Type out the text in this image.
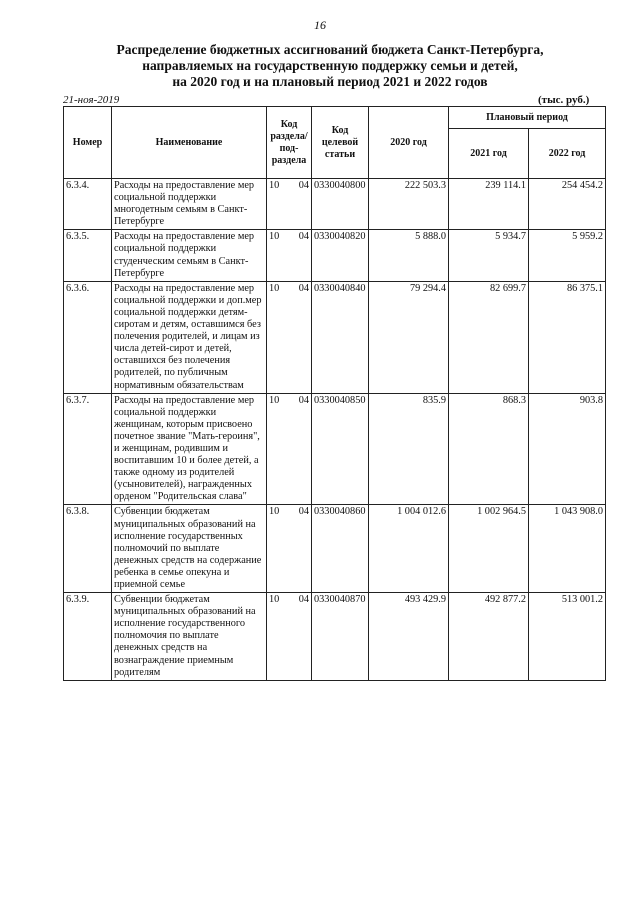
16
Распределение бюджетных ассигнований бюджета Санкт-Петербурга,
направляемых на государственную поддержку семьи и детей,
на 2020 год и на плановый период 2021 и 2022 годов
21-ноя-2019	(тыс. руб.)
Номер	Наименование	Код раздела/ под- раздела	Код целевой статьи	2020 год	Плановый период	
					2021 год	2022 год
6.3.4.	Расходы на предоставление мер социальной поддержки многодетным семьям в Санкт-Петербурге	10 04	0330040800	222 503.3	239 114.1	254 454.2
6.3.5.	Расходы на предоставление мер социальной поддержки студенческим семьям в Санкт-Петербурге	10 04	0330040820	5 888.0	5 934.7	5 959.2
6.3.6.	Расходы на предоставление мер социальной поддержки и доп.мер социальной поддержки детям-сиротам и детям, оставшимся без полечения родителей, и лицам из числа детей-сирот и детей, оставшихся без полечения родителей, по публичным нормативным обязательствам	10 04	0330040840	79 294.4	82 699.7	86 375.1
6.3.7.	Расходы на предоставление мер социальной поддержки женщинам, которым присвоено почетное звание "Мать-героиня", и женщинам, родившим и воспитавшим 10 и более детей, а также одному из родителей (усыновителей), награжденных орденом "Родительская слава"	10 04	0330040850	835.9	868.3	903.8
6.3.8.	Субвенции бюджетам муниципальных образований на исполнение государственных полномочий по выплате денежных средств на содержание ребенка в семье опекуна и приемной семье	10 04	0330040860	1 004 012.6	1 002 964.5	1 043 908.0
6.3.9.	Субвенции бюджетам муниципальных образований на исполнение государственного полномочия по выплате денежных средств на вознаграждение приемным родителям	10 04	0330040870	493 429.9	492 877.2	513 001.2
